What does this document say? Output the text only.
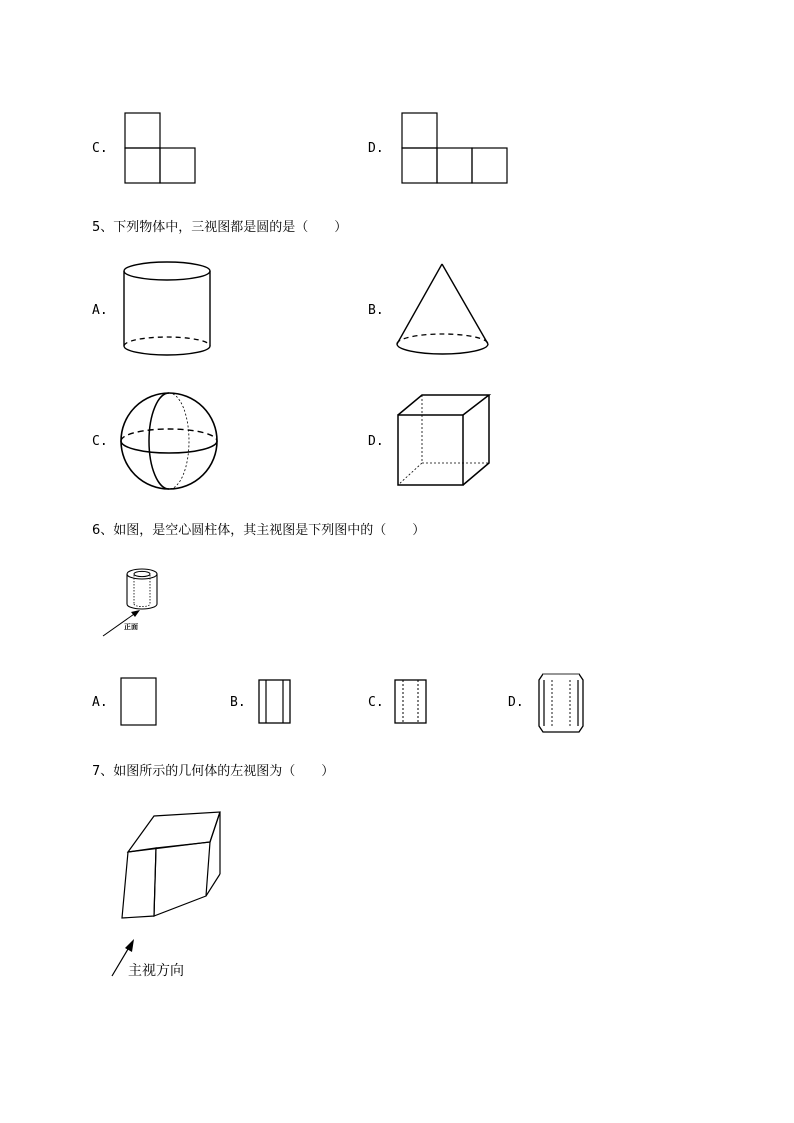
C.	D.
5、下列物体中，三视图都是圆的是（　　）
A.	B.
C.	D.
6、如图，是空心圆柱体，其主视图是下列图中的（　　）
正面
A.	B.	C.	D.
7、如图所示的几何体的左视图为（　　）
主视方向
